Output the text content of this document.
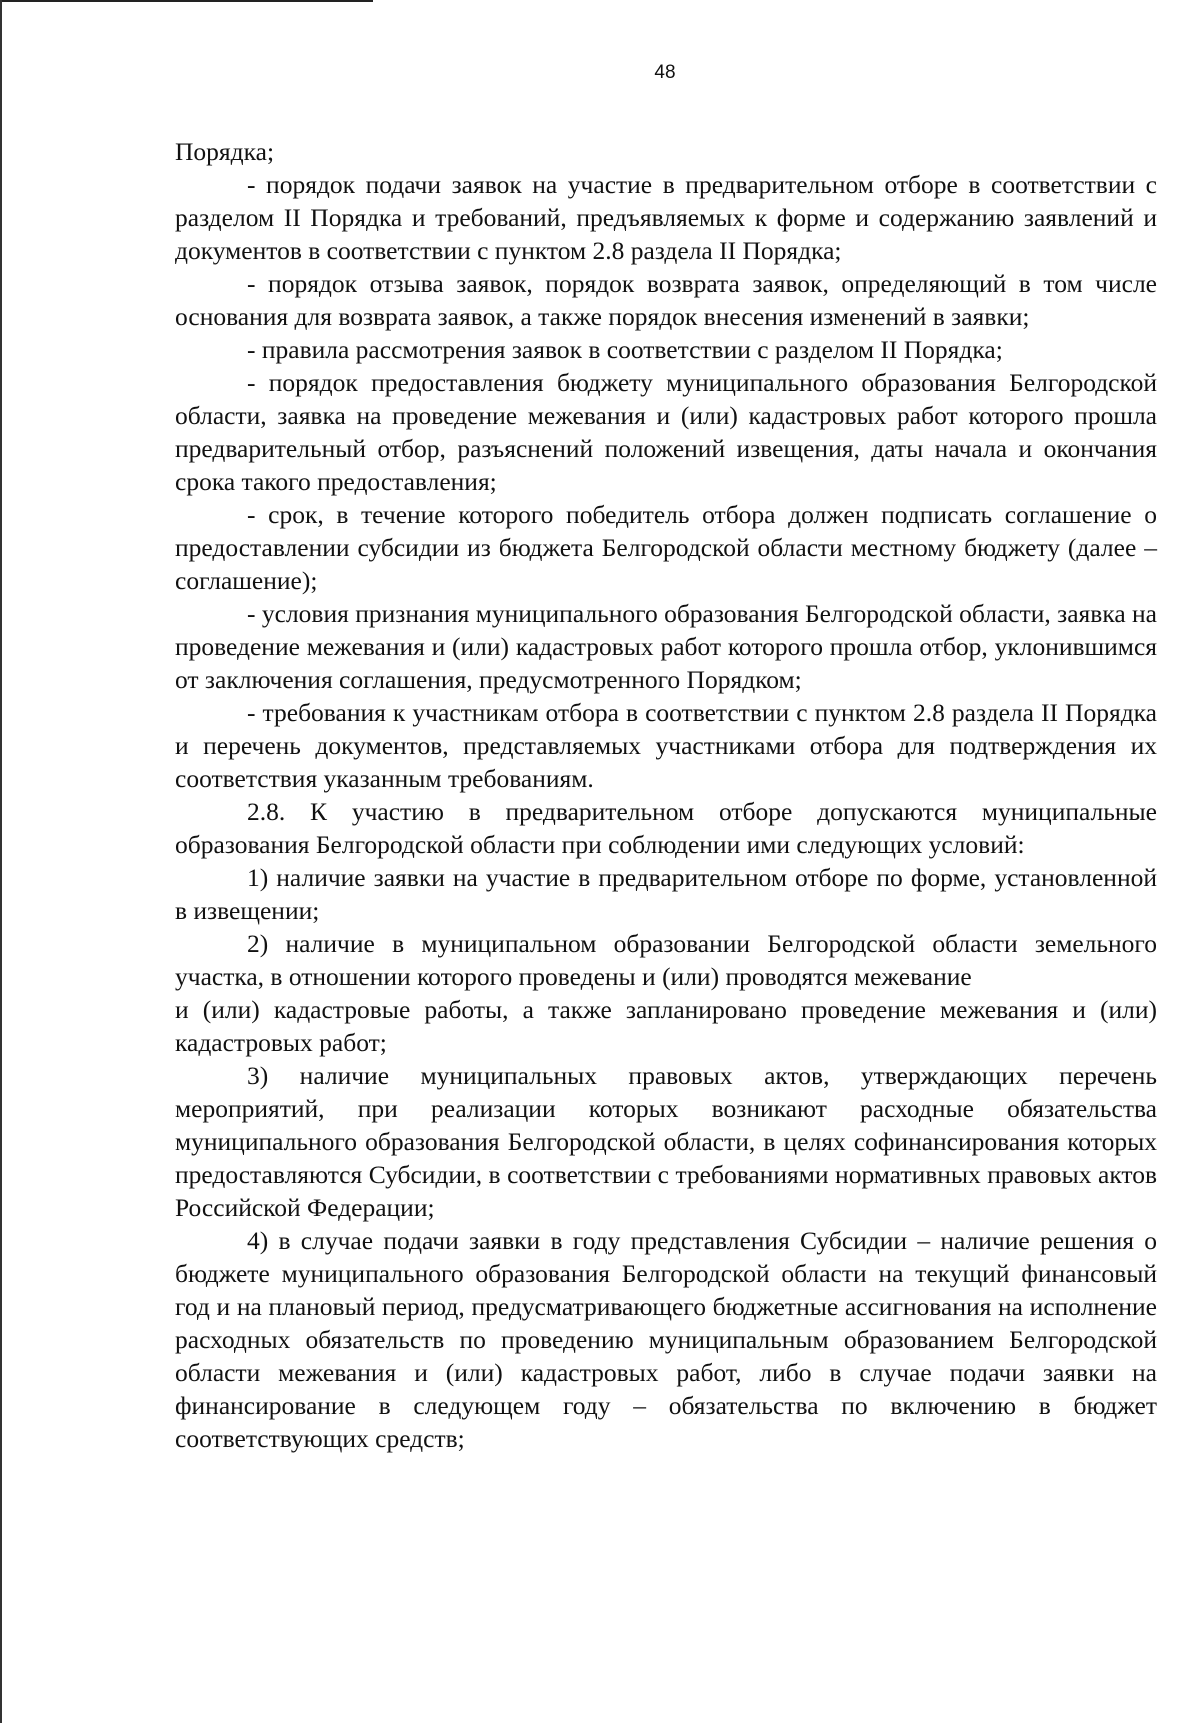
48

Порядка;

- порядок подачи заявок на участие в предварительном отборе в соответствии с разделом II Порядка и требований, предъявляемых к форме и содержанию заявлений и документов в соответствии с пунктом 2.8 раздела II Порядка;

- порядок отзыва заявок, порядок возврата заявок, определяющий в том числе основания для возврата заявок, а также порядок внесения изменений в заявки;

- правила рассмотрения заявок в соответствии с разделом II Порядка;

- порядок предоставления бюджету муниципального образования Белгородской области, заявка на проведение межевания и (или) кадастровых работ которого прошла предварительный отбор, разъяснений положений извещения, даты начала и окончания срока такого предоставления;

- срок, в течение которого победитель отбора должен подписать соглашение о предоставлении субсидии из бюджета Белгородской области местному бюджету (далее – соглашение);

- условия признания муниципального образования Белгородской области, заявка на проведение межевания и (или) кадастровых работ которого прошла отбор, уклонившимся от заключения соглашения, предусмотренного Порядком;

- требования к участникам отбора в соответствии с пунктом 2.8 раздела II Порядка и перечень документов, представляемых участниками отбора для подтверждения их соответствия указанным требованиям.

2.8. К участию в предварительном отборе допускаются муниципальные образования Белгородской области при соблюдении ими следующих условий:

1) наличие заявки на участие в предварительном отборе по форме, установленной в извещении;

2) наличие в муниципальном образовании Белгородской области земельного участка, в отношении которого проведены и (или) проводятся межевание

и (или) кадастровые работы, а также запланировано проведение межевания и (или) кадастровых работ;

3) наличие муниципальных правовых актов, утверждающих перечень мероприятий, при реализации которых возникают расходные обязательства муниципального образования Белгородской области, в целях софинансирования которых предоставляются Субсидии, в соответствии с требованиями нормативных правовых актов Российской Федерации;

4) в случае подачи заявки в году представления Субсидии – наличие решения о бюджете муниципального образования Белгородской области на текущий финансовый год и на плановый период, предусматривающего бюджетные ассигнования на исполнение расходных обязательств по проведению муниципальным образованием Белгородской области межевания и (или) кадастровых работ, либо в случае подачи заявки на финансирование в следующем году – обязательства по включению в бюджет соответствующих средств;
